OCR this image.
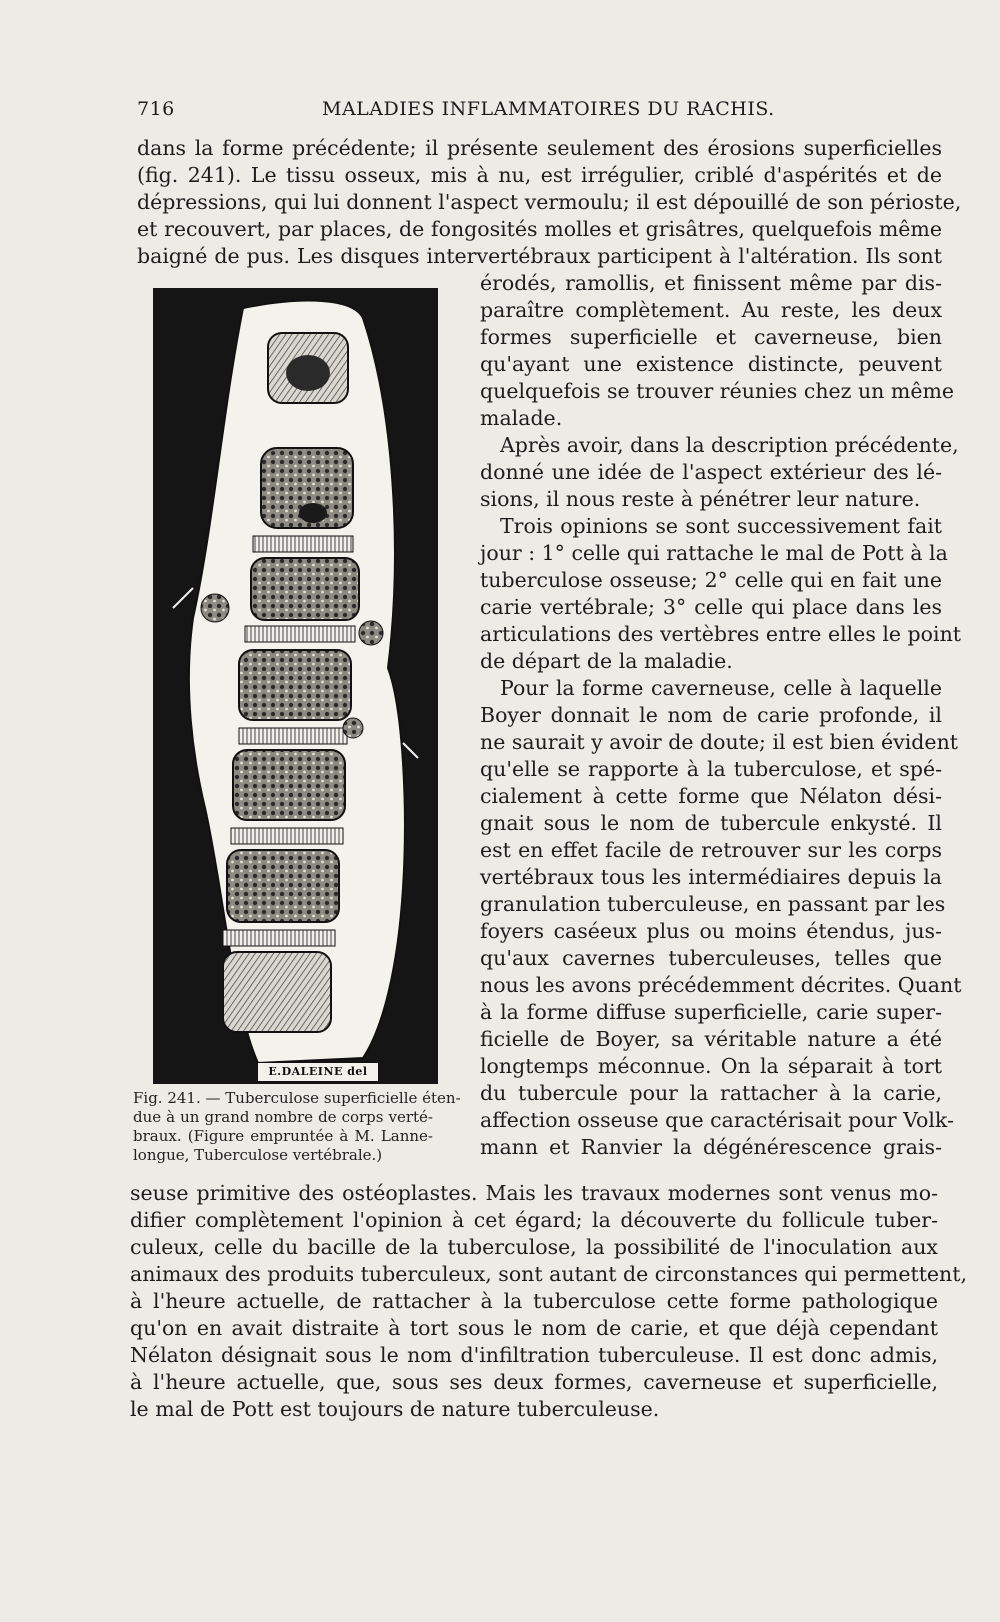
716	MALADIES INFLAMMATOIRES DU RACHIS.
dans la forme précédente; il présente seulement des érosions superficielles
(fig. 241). Le tissu osseux, mis à nu, est irrégulier, criblé d'aspérités et de
dépressions, qui lui donnent l'aspect vermoulu; il est dépouillé de son périoste,
et recouvert, par places, de fongosités molles et grisâtres, quelquefois même
baigné de pus. Les disques intervertébraux participent à l'altération. Ils sont
érodés, ramollis, et finissent même par dis-
paraître complètement. Au reste, les deux
formes superficielle et caverneuse, bien
qu'ayant une existence distincte, peuvent
quelquefois se trouver réunies chez un même
malade.
Après avoir, dans la description précédente,
donné une idée de l'aspect extérieur des lé-
sions, il nous reste à pénétrer leur nature.
Trois opinions se sont successivement fait
jour : 1° celle qui rattache le mal de Pott à la
tuberculose osseuse; 2° celle qui en fait une
carie vertébrale; 3° celle qui place dans les
articulations des vertèbres entre elles le point
de départ de la maladie.
Pour la forme caverneuse, celle à laquelle
Boyer donnait le nom de carie profonde, il
ne saurait y avoir de doute; il est bien évident
qu'elle se rapporte à la tuberculose, et spé-
cialement à cette forme que Nélaton dési-
gnait sous le nom de tubercule enkysté. Il
est en effet facile de retrouver sur les corps
vertébraux tous les intermédiaires depuis la
granulation tuberculeuse, en passant par les
foyers caséeux plus ou moins étendus, jus-
qu'aux cavernes tuberculeuses, telles que
nous les avons précédemment décrites. Quant
à la forme diffuse superficielle, carie super-
ficielle de Boyer, sa véritable nature a été
longtemps méconnue. On la séparait à tort
du tubercule pour la rattacher à la carie,
affection osseuse que caractérisait pour Volk-
mann et Ranvier la dégénérescence grais-
seuse primitive des ostéoplastes. Mais les travaux modernes sont venus mo-
difier complètement l'opinion à cet égard; la découverte du follicule tuber-
culeux, celle du bacille de la tuberculose, la possibilité de l'inoculation aux
animaux des produits tuberculeux, sont autant de circonstances qui permettent,
à l'heure actuelle, de rattacher à la tuberculose cette forme pathologique
qu'on en avait distraite à tort sous le nom de carie, et que déjà cependant
Nélaton désignait sous le nom d'infiltration tuberculeuse. Il est donc admis,
à l'heure actuelle, que, sous ses deux formes, caverneuse et superficielle,
le mal de Pott est toujours de nature tuberculeuse.
E.DALEINE del
Fig. 241. — Tuberculose superficielle éten-
due à un grand nombre de corps verté-
braux. (Figure empruntée à M. Lanne-
longue, Tuberculose vertébrale.)
